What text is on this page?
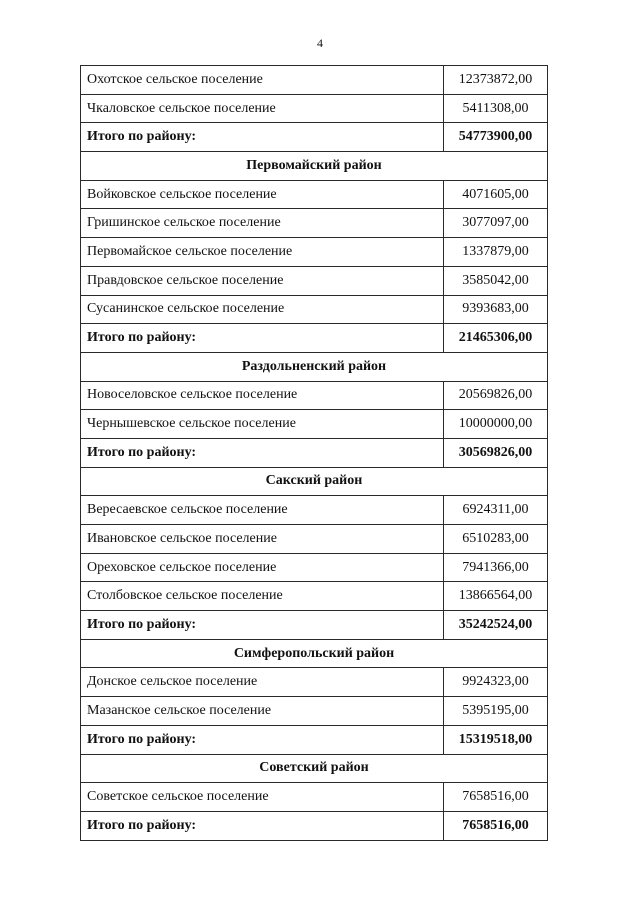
4
Охотское сельское поселение	12373872,00
Чкаловское сельское поселение	5411308,00
Итого по району:	54773900,00
Первомайский район	
Войковское сельское поселение	4071605,00
Гришинское сельское поселение	3077097,00
Первомайское сельское поселение	1337879,00
Правдовское сельское поселение	3585042,00
Сусанинское сельское поселение	9393683,00
Итого по району:	21465306,00
Раздольненский район	
Новоселовское сельское поселение	20569826,00
Чернышевское сельское поселение	10000000,00
Итого по району:	30569826,00
Сакский район	
Вересаевское сельское поселение	6924311,00
Ивановское сельское поселение	6510283,00
Ореховское сельское поселение	7941366,00
Столбовское сельское поселение	13866564,00
Итого по району:	35242524,00
Симферопольский район	
Донское сельское поселение	9924323,00
Мазанское сельское поселение	5395195,00
Итого по району:	15319518,00
Советский район	
Советское сельское поселение	7658516,00
Итого по району:	7658516,00
